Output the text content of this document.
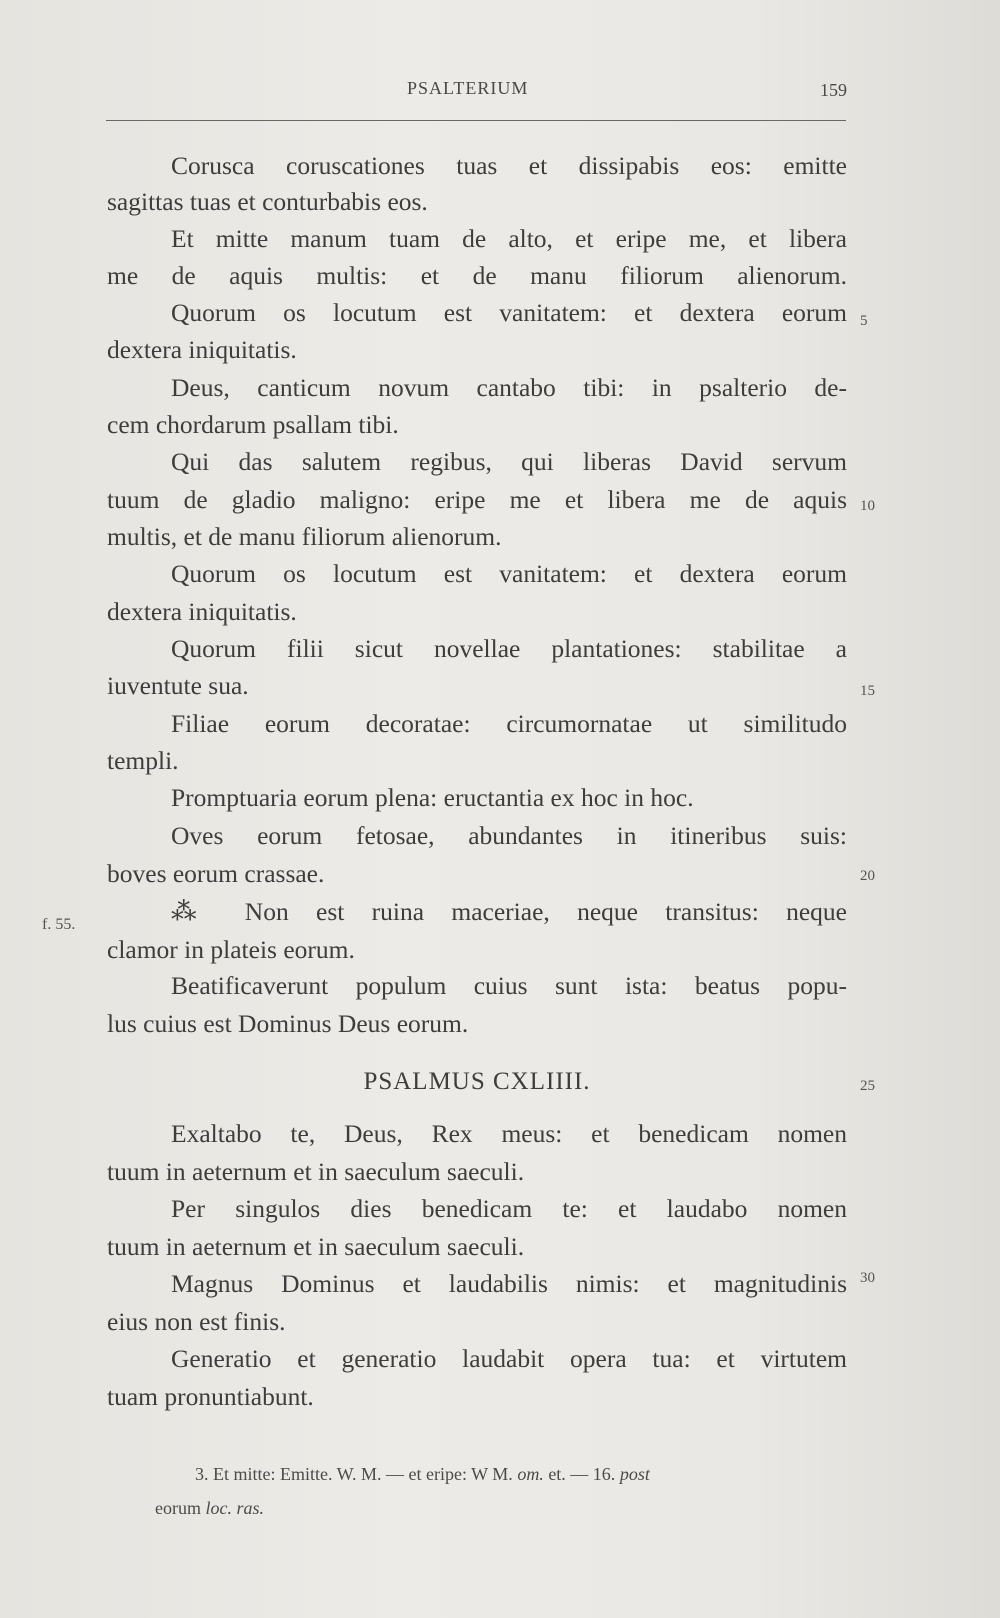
PSALTERIUM	159
Corusca coruscationes tuas et dissipabis eos: emitte
sagittas tuas et conturbabis eos.
Et mitte manum tuam de alto, et eripe me, et libera
me de aquis multis: et de manu filiorum alienorum.
Quorum os locutum est vanitatem: et dextera eorum
dextera iniquitatis.
Deus, canticum novum cantabo tibi: in psalterio de-
cem chordarum psallam tibi.
Qui das salutem regibus, qui liberas David servum
tuum de gladio maligno: eripe me et libera me de aquis
multis, et de manu filiorum alienorum.
Quorum os locutum est vanitatem: et dextera eorum
dextera iniquitatis.
Quorum filii sicut novellae plantationes: stabilitae a
iuventute sua.
Filiae eorum decoratae: circumornatae ut similitudo
templi.
Promptuaria eorum plena: eructantia ex hoc in hoc.
Oves eorum fetosae, abundantes in itineribus suis:
boves eorum crassae.
⁂ Non est ruina maceriae, neque transitus: neque
clamor in plateis eorum.
Beatificaverunt populum cuius sunt ista: beatus popu-
lus cuius est Dominus Deus eorum.
PSALMUS CXLIIII.
Exaltabo te, Deus, Rex meus: et benedicam nomen
tuum in aeternum et in saeculum saeculi.
Per singulos dies benedicam te: et laudabo nomen
tuum in aeternum et in saeculum saeculi.
Magnus Dominus et laudabilis nimis: et magnitudinis
eius non est finis.
Generatio et generatio laudabit opera tua: et virtutem
tuam pronuntiabunt.
5
10
15
20
25
30
f. 55.
3. Et mitte: Emitte. W. M. — et eripe: W M. om. et. — 16. post
eorum loc. ras.
